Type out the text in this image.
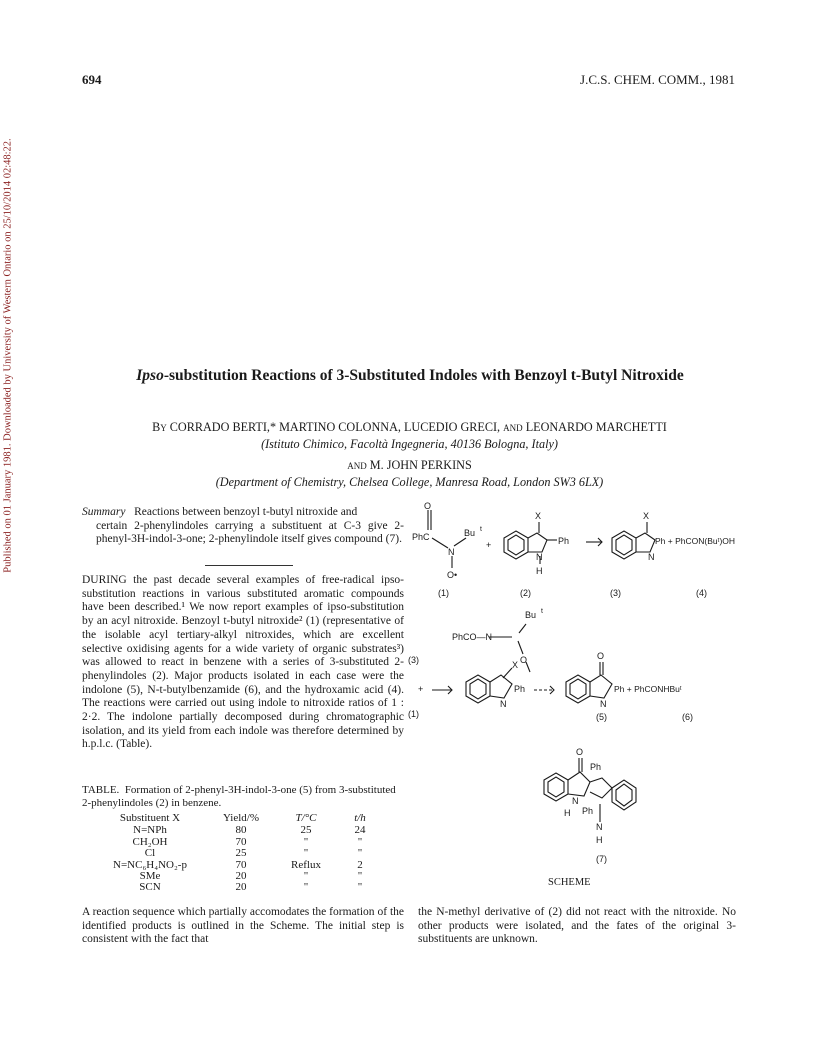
Published on 01 January 1981. Downloaded by University of Western Ontario on 25/10/2014 02:48:22.
694	J.C.S. CHEM. COMM., 1981
Ipso-substitution Reactions of 3-Substituted Indoles with Benzoyl t-Butyl Nitroxide
By CORRADO BERTI,* MARTINO COLONNA, LUCEDIO GRECI, and LEONARDO MARCHETTI
(Istituto Chimico, Facoltà Ingegneria, 40136 Bologna, Italy)
and M. JOHN PERKINS
(Department of Chemistry, Chelsea College, Manresa Road, London SW3 6LX)
Summary Reactions between benzoyl t-butyl nitroxide and
certain 2-phenylindoles carrying a substituent at C-3 give 2-phenyl-3H-indol-3-one; 2-phenylindole itself gives compound (7).
DURING the past decade several examples of free-radical ipso-substitution reactions in various substituted aromatic compounds have been described.¹ We now report examples of ipso-substitution by an acyl nitroxide. Benzoyl t-butyl nitroxide² (1) (representative of the isolable acyl tertiary-alkyl nitroxides, which are excellent selective oxidising agents for a wide variety of organic substrates³) was allowed to react in benzene with a series of 3-substituted 2-phenylindoles (2). Major products isolated in each case were the indolone (5), N-t-butylbenzamide (6), and the hydroxamic acid (4). The reactions were carried out using indole to nitroxide ratios of 1 : 2·2. The indolone partially decomposed during chromatographic isolation, and its yield from each indole was therefore determined by h.p.l.c. (Table).
TABLE. Formation of 2-phenyl-3H-indol-3-one (5) from 3-substituted 2-phenylindoles (2) in benzene.
Substituent X	Yield/%	T/°C	t/h
N=NPh	80	25	24
CH₂OH	70	"	"
Cl	25	"	"
N=NC₆H₄NO₂-p	70	Reflux	2
SMe	20	"	"
SCN	20	"	"
A reaction sequence which partially accomodates the formation of the identified products is outlined in the Scheme. The initial step is consistent with the fact that
the N-methyl derivative of (2) did not react with the nitroxide. No other products were isolated, and the fates of the original 3-substituents are unknown.
O
PhC
N
Bu t
O•
+
X
Ph
N
H
X
Ph + PhCON(Buᵗ)OH
N
(1)	(2)	(3)	(4)
Bu t
PhCO—N
O
X
(3)
+	Ph
N
(1)
O
Ph + PhCONHBuᵗ
N
(5)	(6)
O
Ph
N
H Ph
N
H
(7)
SCHEME
